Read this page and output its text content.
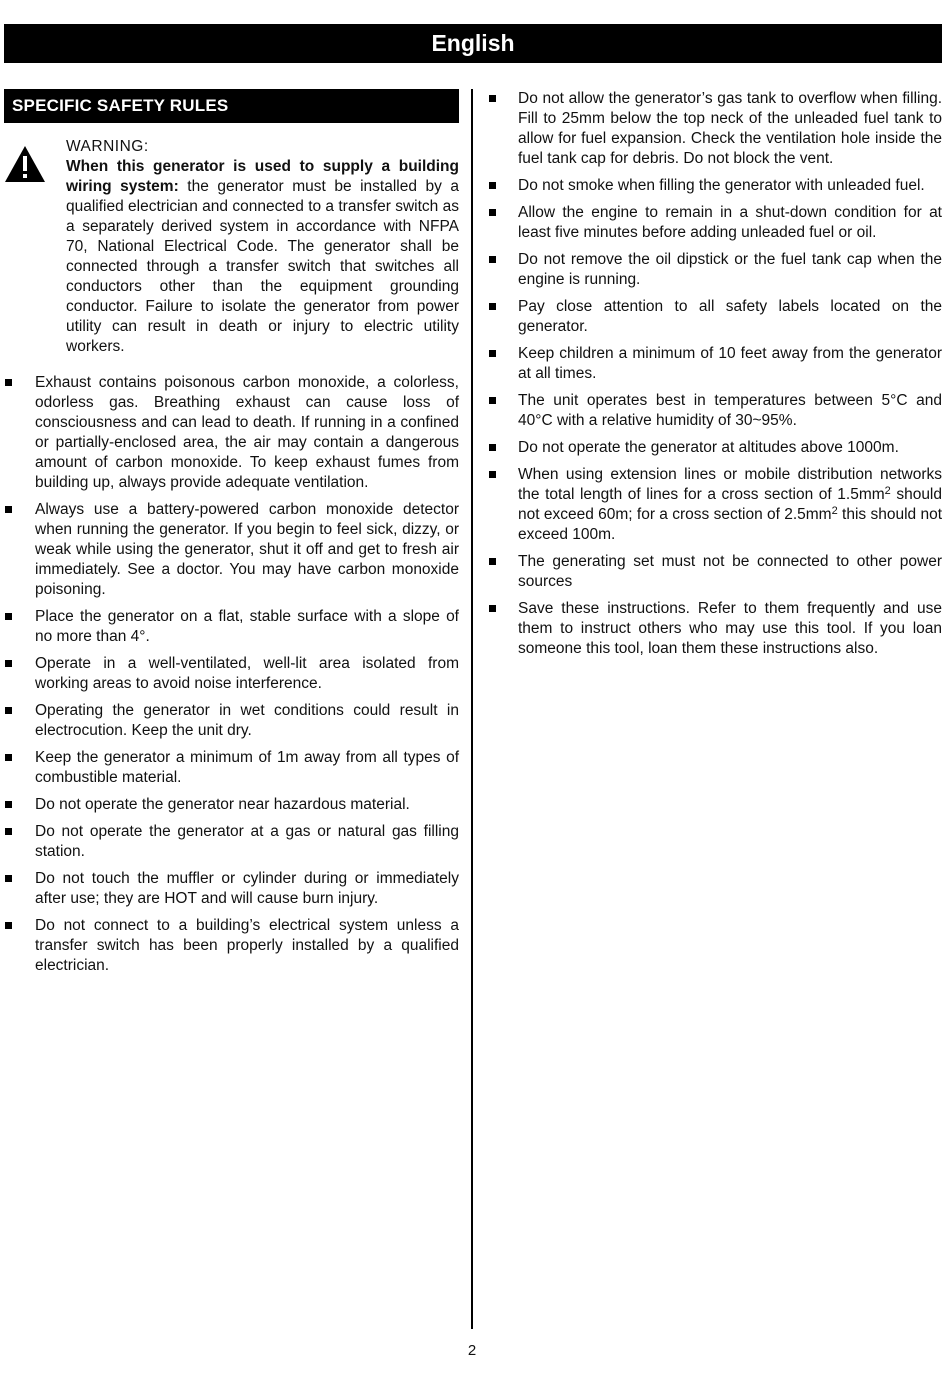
English
SPECIFIC SAFETY RULES
WARNING:
When this generator is used to supply a building wiring system: the generator must be installed by a qualified electrician and connected to a transfer switch as a separately derived system in accordance with NFPA 70, National Electrical Code. The generator shall be connected through a transfer switch that switches all conductors other than the equipment grounding conductor. Failure to isolate the generator from power utility can result in death or injury to electric utility workers.
Exhaust contains poisonous carbon monoxide, a colorless, odorless gas. Breathing exhaust can cause loss of consciousness and can lead to death. If running in a confined or partially-enclosed area, the air may contain a dangerous amount of carbon monoxide. To keep exhaust fumes from building up, always provide adequate ventilation.
Always use a battery-powered carbon monoxide detector when running the generator. If you begin to feel sick, dizzy, or weak while using the generator, shut it off and get to fresh air immediately. See a doctor. You may have carbon monoxide poisoning.
Place the generator on a flat, stable surface with a slope of no more than 4°.
Operate in a well-ventilated, well-lit area isolated from working areas to avoid noise interference.
Operating the generator in wet conditions could result in electrocution. Keep the unit dry.
Keep the generator a minimum of 1m away from all types of combustible material.
Do not operate the generator near hazardous material.
Do not operate the generator at a gas or natural gas filling station.
Do not touch the muffler or cylinder during or immediately after use; they are HOT and will cause burn injury.
Do not connect to a building’s electrical system unless a transfer switch has been properly installed by a qualified electrician.
Do not allow the generator’s gas tank to overflow when filling. Fill to 25mm below the top neck of the unleaded fuel tank to allow for fuel expansion. Check the ventilation hole inside the fuel tank cap for debris. Do not block the vent.
Do not smoke when filling the generator with unleaded fuel.
Allow the engine to remain in a shut-down condition for at least five minutes before adding unleaded fuel or oil.
Do not remove the oil dipstick or the fuel tank cap when the engine is running.
Pay close attention to all safety labels located on the generator.
Keep children a minimum of 10 feet away from the generator at all times.
The unit operates best in temperatures between 5°C and 40°C with a relative humidity of 30~95%.
Do not operate the generator at altitudes above 1000m.
When using extension lines or mobile distribution networks the total length of lines for a cross section of $1.5mm^2$ should not exceed 60m; for a cross section of $2.5mm^2$ this should not exceed 100m.
The generating set must not be connected to other power sources
Save these instructions. Refer to them frequently and use them to instruct others who may use this tool. If you loan someone this tool, loan them these instructions also.
2
